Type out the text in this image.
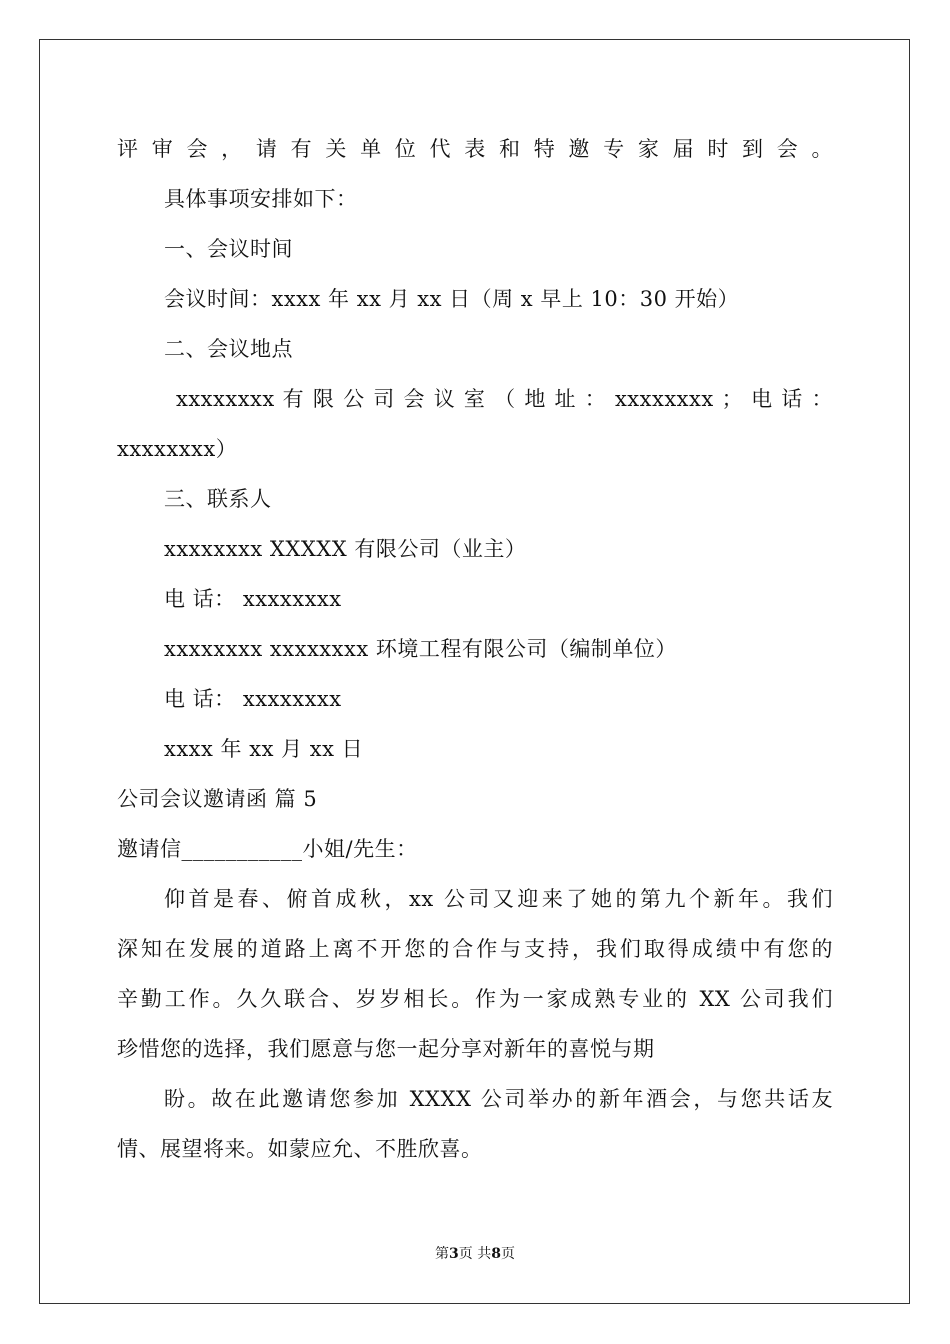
评审会，请有关单位代表和特邀专家届时到会。
具体事项安排如下：
一、会议时间
会议时间：xxxx 年 xx 月 xx 日（周 x 早上 10：30 开始）
二、会议地点
xxxxxxxx 有 限 公 司 会 议 室 （ 地 址 ： xxxxxxxx ； 电 话 ：
xxxxxxxx）
三、联系人
xxxxxxxx XXXXX 有限公司（业主）
电 话： xxxxxxxx
xxxxxxxx xxxxxxxx 环境工程有限公司（编制单位）
电 话： xxxxxxxx
xxxx 年 xx 月 xx 日
公司会议邀请函 篇 5
邀请信___________小姐/先生：
仰首是春、俯首成秋，xx 公司又迎来了她的第九个新年。我们
深知在发展的道路上离不开您的合作与支持，我们取得成绩中有您的
辛勤工作。久久联合、岁岁相长。作为一家成熟专业的 XX 公司我们
珍惜您的选择，我们愿意与您一起分享对新年的喜悦与期
盼。故在此邀请您参加 XXXX 公司举办的新年酒会，与您共话友
情、展望将来。如蒙应允、不胜欣喜。
第3页 共8页
